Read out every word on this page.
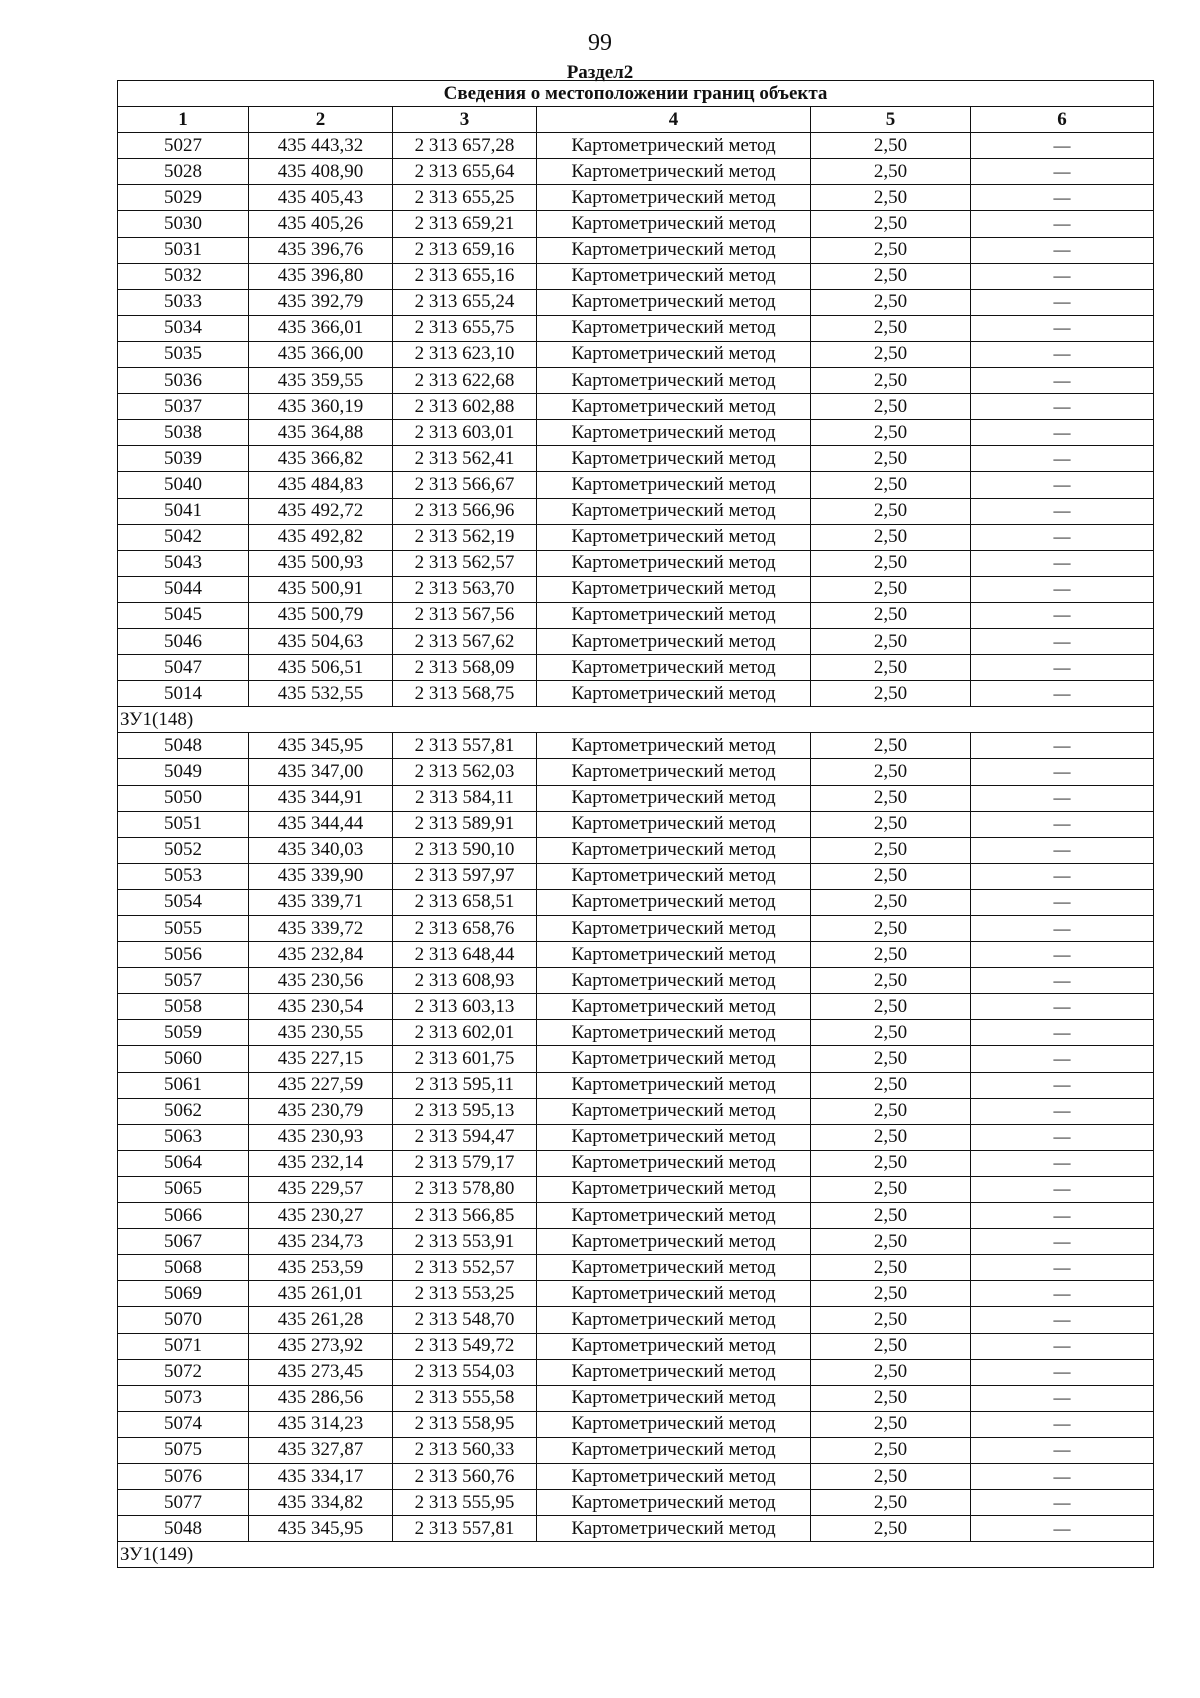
99
Раздел2
Сведения о местоположении границ объекта					
1	2	3	4	5	6
5027	435 443,32	2 313 657,28	Картометрический метод	2,50	—
5028	435 408,90	2 313 655,64	Картометрический метод	2,50	—
5029	435 405,43	2 313 655,25	Картометрический метод	2,50	—
5030	435 405,26	2 313 659,21	Картометрический метод	2,50	—
5031	435 396,76	2 313 659,16	Картометрический метод	2,50	—
5032	435 396,80	2 313 655,16	Картометрический метод	2,50	—
5033	435 392,79	2 313 655,24	Картометрический метод	2,50	—
5034	435 366,01	2 313 655,75	Картометрический метод	2,50	—
5035	435 366,00	2 313 623,10	Картометрический метод	2,50	—
5036	435 359,55	2 313 622,68	Картометрический метод	2,50	—
5037	435 360,19	2 313 602,88	Картометрический метод	2,50	—
5038	435 364,88	2 313 603,01	Картометрический метод	2,50	—
5039	435 366,82	2 313 562,41	Картометрический метод	2,50	—
5040	435 484,83	2 313 566,67	Картометрический метод	2,50	—
5041	435 492,72	2 313 566,96	Картометрический метод	2,50	—
5042	435 492,82	2 313 562,19	Картометрический метод	2,50	—
5043	435 500,93	2 313 562,57	Картометрический метод	2,50	—
5044	435 500,91	2 313 563,70	Картометрический метод	2,50	—
5045	435 500,79	2 313 567,56	Картометрический метод	2,50	—
5046	435 504,63	2 313 567,62	Картометрический метод	2,50	—
5047	435 506,51	2 313 568,09	Картометрический метод	2,50	—
5014	435 532,55	2 313 568,75	Картометрический метод	2,50	—
ЗУ1(148)					
5048	435 345,95	2 313 557,81	Картометрический метод	2,50	—
5049	435 347,00	2 313 562,03	Картометрический метод	2,50	—
5050	435 344,91	2 313 584,11	Картометрический метод	2,50	—
5051	435 344,44	2 313 589,91	Картометрический метод	2,50	—
5052	435 340,03	2 313 590,10	Картометрический метод	2,50	—
5053	435 339,90	2 313 597,97	Картометрический метод	2,50	—
5054	435 339,71	2 313 658,51	Картометрический метод	2,50	—
5055	435 339,72	2 313 658,76	Картометрический метод	2,50	—
5056	435 232,84	2 313 648,44	Картометрический метод	2,50	—
5057	435 230,56	2 313 608,93	Картометрический метод	2,50	—
5058	435 230,54	2 313 603,13	Картометрический метод	2,50	—
5059	435 230,55	2 313 602,01	Картометрический метод	2,50	—
5060	435 227,15	2 313 601,75	Картометрический метод	2,50	—
5061	435 227,59	2 313 595,11	Картометрический метод	2,50	—
5062	435 230,79	2 313 595,13	Картометрический метод	2,50	—
5063	435 230,93	2 313 594,47	Картометрический метод	2,50	—
5064	435 232,14	2 313 579,17	Картометрический метод	2,50	—
5065	435 229,57	2 313 578,80	Картометрический метод	2,50	—
5066	435 230,27	2 313 566,85	Картометрический метод	2,50	—
5067	435 234,73	2 313 553,91	Картометрический метод	2,50	—
5068	435 253,59	2 313 552,57	Картометрический метод	2,50	—
5069	435 261,01	2 313 553,25	Картометрический метод	2,50	—
5070	435 261,28	2 313 548,70	Картометрический метод	2,50	—
5071	435 273,92	2 313 549,72	Картометрический метод	2,50	—
5072	435 273,45	2 313 554,03	Картометрический метод	2,50	—
5073	435 286,56	2 313 555,58	Картометрический метод	2,50	—
5074	435 314,23	2 313 558,95	Картометрический метод	2,50	—
5075	435 327,87	2 313 560,33	Картометрический метод	2,50	—
5076	435 334,17	2 313 560,76	Картометрический метод	2,50	—
5077	435 334,82	2 313 555,95	Картометрический метод	2,50	—
5048	435 345,95	2 313 557,81	Картометрический метод	2,50	—
ЗУ1(149)					
